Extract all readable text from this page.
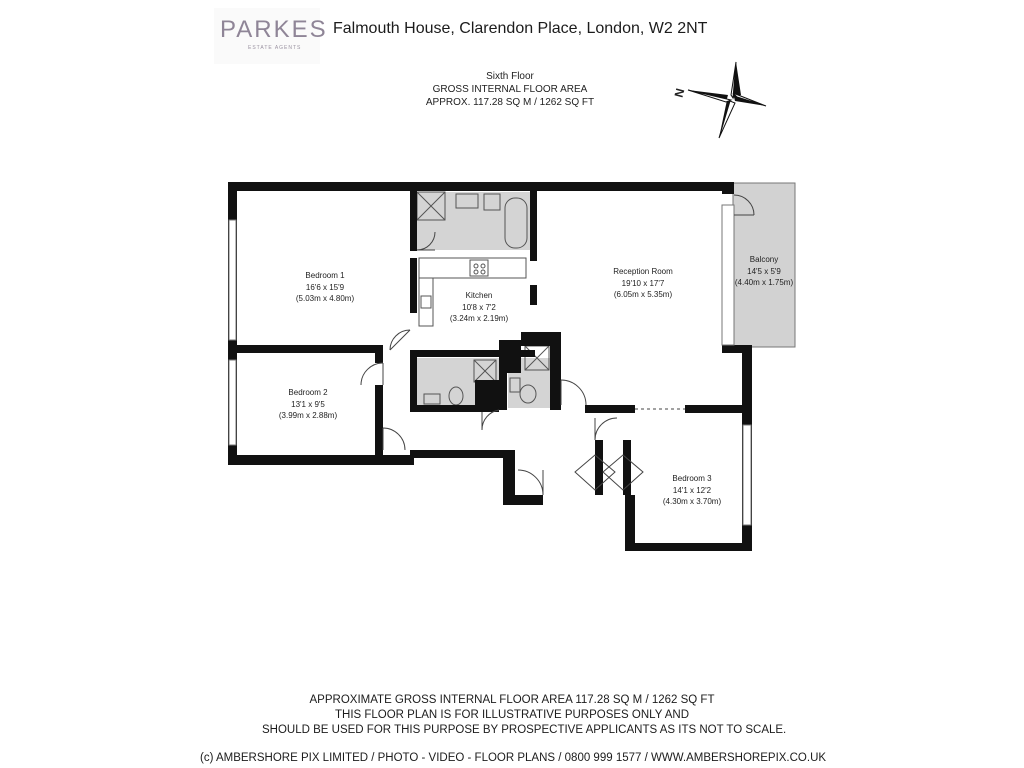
PARKES
ESTATE AGENTS
Falmouth House, Clarendon Place, London, W2 2NT
Sixth Floor
GROSS INTERNAL FLOOR AREA
APPROX. 117.28 SQ M / 1262 SQ FT
N
Bedroom 1
16'6 x 15'9
(5.03m x 4.80m)	Kitchen
10'8 x 7'2
(3.24m x 2.19m)
Reception Room
19'10 x 17'7
(6.05m x 5.35m)
Balcony
14'5 x 5'9
(4.40m x 1.75m)
Bedroom 2
13'1 x 9'5
(3.99m x 2.88m)
Bedroom 3
14'1 x 12'2
(4.30m x 3.70m)
APPROXIMATE GROSS INTERNAL FLOOR AREA 117.28 SQ M / 1262 SQ FT
THIS FLOOR PLAN IS FOR ILLUSTRATIVE PURPOSES ONLY AND
SHOULD BE USED FOR THIS PURPOSE BY PROSPECTIVE APPLICANTS AS ITS NOT TO SCALE.
(c) AMBERSHORE PIX LIMITED / PHOTO - VIDEO - FLOOR PLANS / 0800 999 1577 / WWW.AMBERSHOREPIX.CO.UK
